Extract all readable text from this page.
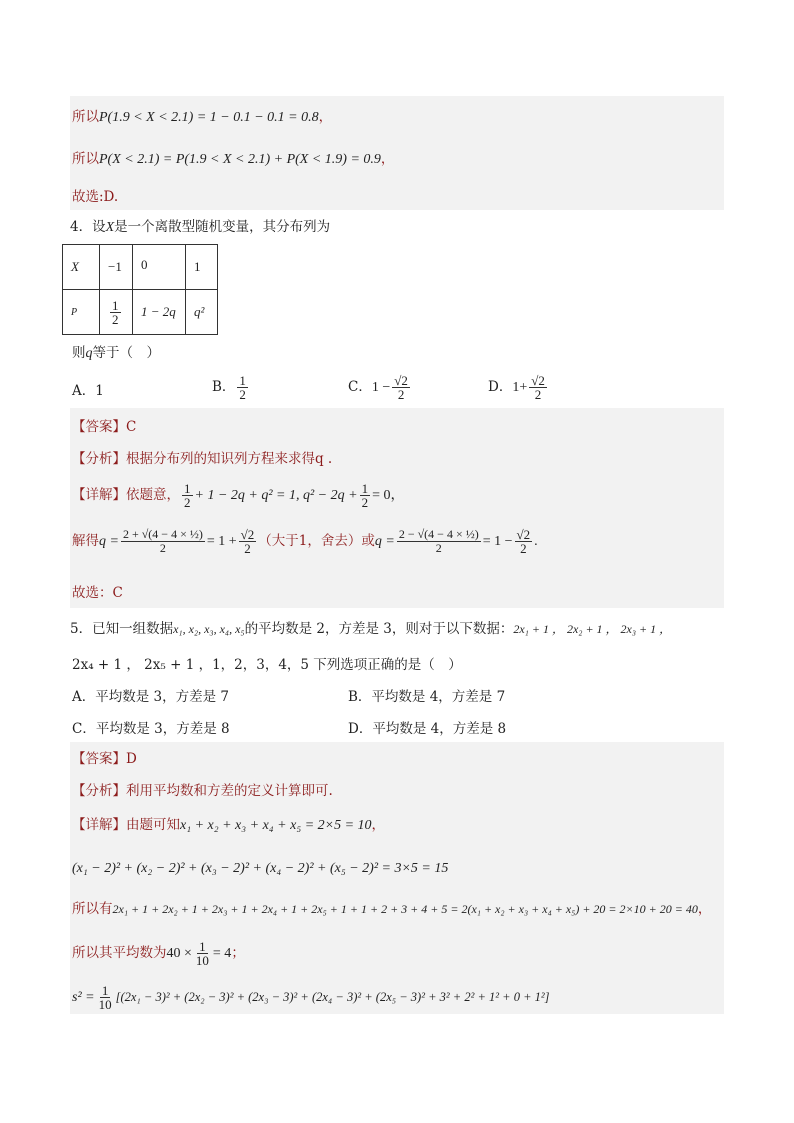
所以P(1.9 < X < 2.1) = 1 − 0.1 − 0.1 = 0.8，
所以P(X < 2.1) = P(1.9 < X < 2.1) + P(X < 1.9) = 0.9，
故选:D.
4．设X是一个离散型随机变量，其分布列为
X	−1	0	1
P	$\frac{1}{2}$	1 − 2q	q²
则q等于（　）
A．1	B． $\frac{1}{2}$	C．$1 - \frac{√2}{2}$	D．$1+ \frac{√2}{2}$
【答案】C
【分析】根据分布列的知识列方程来求得q .
【详解】依题意， $\frac{1}{2} + 1 - 2q + q^2 = 1$, $q^2 - 2q + \frac{1}{2} = 0$，
解得$q = \frac{\text{2 + √(4 − 4 × ½)}}{2} = 1 + \frac{√2}{2}$ （大于1，舍去）或$q = \frac{\text{2 − √(4 − 4 × ½)}}{2} = 1 - \frac{√2}{2}$ .
故选：C
5．已知一组数据x₁, x₂, x₃, x₄, x₅的平均数是 2，方差是 3，则对于以下数据：2x₁ + 1 ， 2x₂ + 1 ， 2x₃ + 1 ，
2x₄ + 1 ， 2x₅ + 1 ，1，2，3，4，5 下列选项正确的是（　）
A．平均数是 3，方差是 7	B．平均数是 4，方差是 7
C．平均数是 3，方差是 8	D．平均数是 4，方差是 8
【答案】D
【分析】利用平均数和方差的定义计算即可.
【详解】由题可知x₁ + x₂ + x₃ + x₄ + x₅ = 2×5 = 10，
(x₁ − 2)² + (x₂ − 2)² + (x₃ − 2)² + (x₄ − 2)² + (x₅ − 2)² = 3×5 = 15
所以有2x₁ + 1 + 2x₂ + 1 + 2x₃ + 1 + 2x₄ + 1 + 2x₅ + 1 + 1 + 2 + 3 + 4 + 5 = 2(x₁ + x₂ + x₃ + x₄ + x₅) + 20 = 2×10 + 20 = 40，
所以其平均数为$40 \times \frac{1}{10} = 4$；
$s^2 = \frac{1}{10} [(2x_1 - 3)^2 + (2x_2 - 3)^2 + (2x_3 - 3)^2 + (2x_4 - 3)^2 + (2x_5 - 3)^2 + 3^2 + 2^2 + 1^2 + 0 + 1^2]$
